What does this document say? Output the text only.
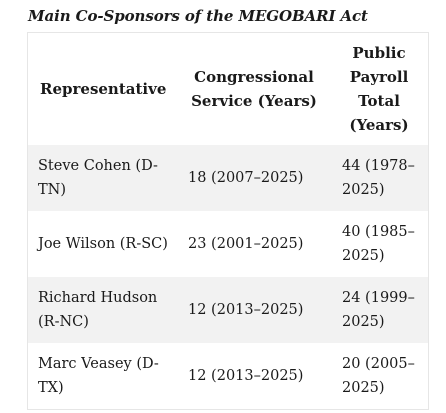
Main Co-Sponsors of the MEGOBARI Act
Representative	Congressional Service (Years)	Public Payroll Total (Years)
Steve Cohen (D-TN)	18 (2007–2025)	44 (1978–2025)
Joe Wilson (R-SC)	23 (2001–2025)	40 (1985–2025)
Richard Hudson (R-NC)	12 (2013–2025)	24 (1999–2025)
Marc Veasey (D-TX)	12 (2013–2025)	20 (2005–2025)
